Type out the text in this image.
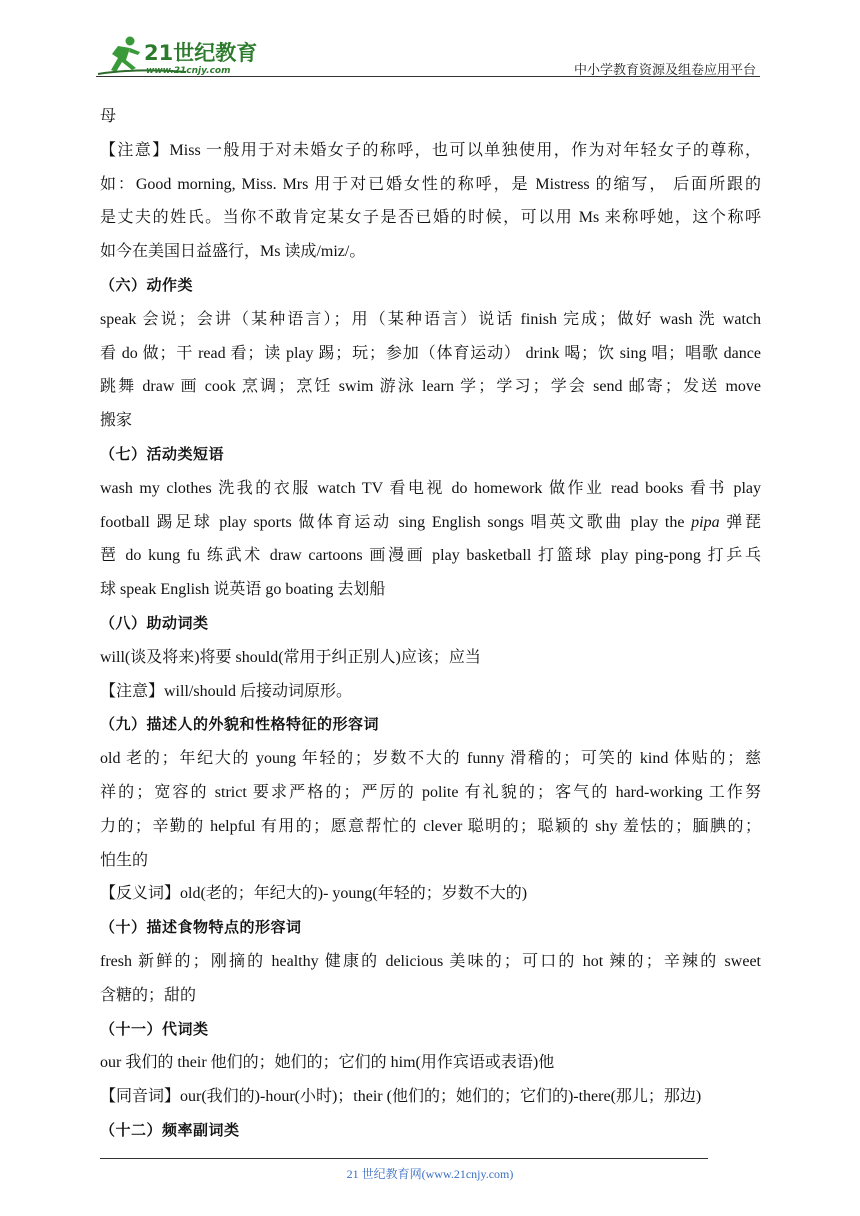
21世纪教育
www.21cnjy.com	中小学教育资源及组卷应用平台
母
【注意】Miss 一般用于对未婚女子的称呼，也可以单独使用，作为对年轻女子的尊称，
如：Good morning, Miss. Mrs 用于对已婚女性的称呼，是 Mistress 的缩写， 后面所跟的
是丈夫的姓氏。当你不敢肯定某女子是否已婚的时候，可以用 Ms 来称呼她，这个称呼
如今在美国日益盛行，Ms 读成/miz/。
（六）动作类
speak 会说；会讲（某种语言）；用（某种语言）说话 finish 完成；做好 wash 洗 watch
看 do 做；干 read 看；读 play 踢；玩；参加（体育运动） drink 喝；饮 sing 唱；唱歌 dance
跳舞 draw 画 cook 烹调；烹饪 swim 游泳 learn 学；学习；学会 send 邮寄；发送 move
搬家
（七）活动类短语
wash my clothes 洗我的衣服 watch TV 看电视 do homework 做作业 read books 看书 play
football 踢足球 play sports 做体育运动 sing English songs 唱英文歌曲 play the pipa 弹琵
琶 do kung fu 练武术 draw cartoons 画漫画 play basketball 打篮球 play ping-pong 打乒乓
球 speak English 说英语 go boating 去划船
（八）助动词类
will(谈及将来)将要 should(常用于纠正别人)应该；应当
【注意】will/should 后接动词原形。
（九）描述人的外貌和性格特征的形容词
old 老的；年纪大的 young 年轻的；岁数不大的 funny 滑稽的；可笑的 kind 体贴的；慈
祥的；宽容的 strict 要求严格的；严厉的 polite 有礼貌的；客气的 hard-working 工作努
力的；辛勤的 helpful 有用的；愿意帮忙的 clever 聪明的；聪颖的 shy 羞怯的；腼腆的；
怕生的
【反义词】old(老的；年纪大的)- young(年轻的；岁数不大的)
（十）描述食物特点的形容词
fresh 新鲜的；刚摘的 healthy 健康的 delicious 美味的；可口的 hot 辣的；辛辣的 sweet
含糖的；甜的
（十一）代词类
our 我们的 their 他们的；她们的；它们的 him(用作宾语或表语)他
【同音词】our(我们的)-hour(小时)；their (他们的；她们的；它们的)-there(那儿；那边)
（十二）频率副词类
21 世纪教育网(www.21cnjy.com)
